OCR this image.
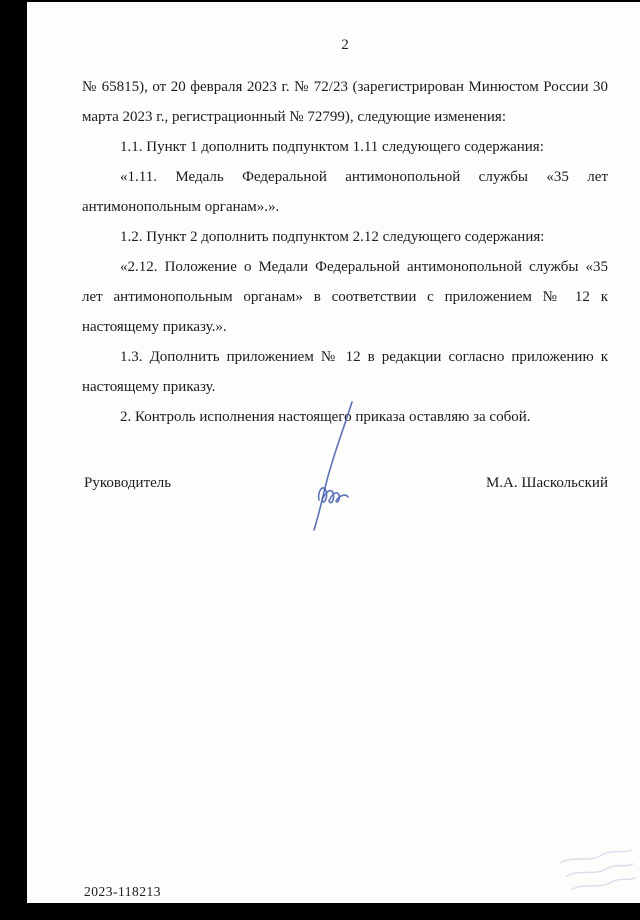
2

№ 65815), от 20 февраля 2023 г. № 72/23 (зарегистрирован Минюстом России 30 марта 2023 г., регистрационный № 72799), следующие изменения:

1.1. Пункт 1 дополнить подпунктом 1.11 следующего содержания:

«1.11. Медаль Федеральной антимонопольной службы «35 лет антимонопольным органам».».

1.2. Пункт 2 дополнить подпунктом 2.12 следующего содержания:

«2.12. Положение о Медали Федеральной антимонопольной службы «35 лет антимонопольным органам» в соответствии с приложением № 12 к настоящему приказу.».

1.3. Дополнить приложением № 12 в редакции согласно приложению к настоящему приказу.

2. Контроль исполнения настоящего приказа оставляю за собой.

Руководитель	М.А. Шаскольский
2023-118213
